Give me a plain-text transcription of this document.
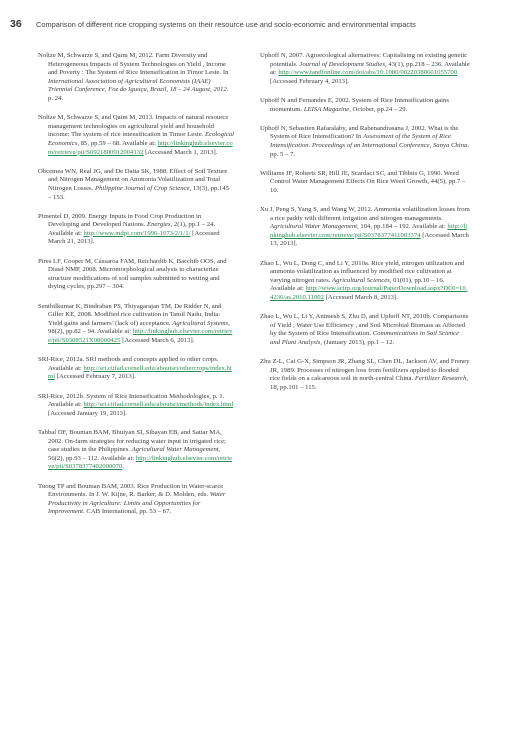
36	Comparison of different rice cropping systems on their resource use and socio-economic and environmental impacts

Noltze M, Schwarze S, and Qaim M, 2012. Farm Diversity and Heterogeneous Impacts of System Technologies on Yield , Income and Poverty : The System of Rice Intensification in Timor Leste. In International Association of Agricultural Economists (IAAE) Triennial Conference, Foz do Iguaçu, Brazil, 18 – 24 August, 2012. p. 24.

Noltze M, Schwarze S, and Qaim M, 2013. Impacts of natural resource management technologies on agricultural yield and household income: The system of rice intensification in Timor Leste. Ecological Economics, 85, pp.59 – 68. Available at: http://linkinghub.elsevier.com/retrieve/pii/S0921800912004132 [Accessed March 1, 2013].

Obcemea WN, Real JG, and De Datta SK, 1988. Effect of Soil Texture and Nitrogen Management on Ammonia Volatilization and Total Nitrogen Losses. Philippine Journal of Crop Science, 13(3), pp.145 – 153.

Pimentel D, 2009. Energy Inputs in Food Crop Production in Developing and Developed Nations. Energies, 2(1), pp.1 – 24. Available at: http://www.mdpi.com/1996-1073/2/1/1/ [Accessed March 21, 2013].

Pires LF, Cooper M, Cássaroa FAM, Reichardtb K, Bacchib OOS, and Diasd NMP, 2008. Micromorphological analysis to characterize structure modifications of soil samples submitted to wetting and drying cycles, pp.297 – 304.

Senthilkumar K, Bindraban PS, Thiyagarajan TM, De Ridder N, and Giller KE, 2008. Modified rice cultivation in Tamil Nadu, India: Yield gains and farmers’ (lack of) acceptance. Agricultural Systems, 98(2), pp.82 – 94. Available at: http://linkinghub.elsevier.com/retrieve/pii/S0308521X08000425 [Accessed March 6, 2013].

SRI-Rice, 2012a. SRI methods and concepts applied to other crops. Available at: http://sri.ciifad.cornell.edu/aboutsri/othercrops/index.html [Accessed February 7, 2013].

SRI-Rice, 2012b. System of Rice Intensification Methodologies, p. 1. Available at: http://sri.ciifad.cornell.edu/aboutsri/methods/index.html [Accessed January 19, 2013].

Tabbal DF, Bouman BAM, Bhuiyan SI, Sibayan EB, and Sattar MA, 2002. On-farm strategies for reducing water input in irrigated rice; case studies in the Philippines. Agricultural Water Management, 56(2), pp.93 – 112. Available at: http://linkinghub.elsevier.com/retrieve/pii/S0378377402000070.

Tuong TP and Bouman BAM, 2003. Rice Production in Water-scarce Environments. In J. W. Kijne, R. Barker, & D. Molden, eds. Water Productivity in Agriculture: Limits and Opportunities for Improvement. CAB International, pp. 53 – 67.

Uphoff N, 2007. Agroecological alternatives: Capitalising on existing genetic potentials. Journal of Development Studies, 43(1), pp.218 – 236. Available at: http://www.tandfonline.com/doi/abs/10.1080/00220380601055700 [Accessed February 4, 2013].

Uphoff N and Fernandes E, 2002. System of Rice Intensification gains momentum. LEISA Magazine, October, pp.24 – 29.

Uphoff N, Sebastien Rafaralaby, and Rabenandrasana J, 2002. What is the System of Rice Intensification? In Assessment of the System of Rice Intensification. Proceedings of an International Conference, Sanya China. pp. 5 – 7.

Williams JF, Roberts SR, Hill JE, Scardaci SC, and Tibbits G, 1990. Weed Control Water Management Effects On Rice Weed Growth, 44(5), pp.7 – 10.

Xu J, Peng S, Yang S, and Wang W, 2012. Ammonia volatilization losses from a rice paddy with different irrigation and nitrogen managements. Agricultural Water Management, 104, pp.184 – 192. Available at: http://linkinghub.elsevier.com/retrieve/pii/S0378377411003374 [Accessed March 13, 2013].

Zhao L, Wu L, Dong C, and Li Y, 2010a. Rice yield, nitrogen utilization and ammonia volatilization as influenced by modified rice cultivation at varying nitrogen rates. Agricultural Sciences, 01(01), pp.10 – 16. Available at: http://www.scirp.org/journal/PaperDownload.aspx?DOI=10.4236/as.2010.11002 [Accessed March 8, 2013].

Zhao L, Wu L, Li Y, Animesh S, Zhu D, and Uphoff NT, 2010b. Comparisons of Yield , Water Use Efficiency , and Soil Microbial Biomass as Affected by the System of Rice Intensification. Communications in Soil Science and Plant Analysis, (January 2013), pp.1 – 12.

Zhu Z-L, Cai G-X, Simpson JR, Zhang SL, Chen DL, Jackson AV, and Freney JR, 1989. Processes of nitrogen loss from fertilizers applied to flooded rice fields on a calcareous soil in north-central China. Fertilizer Research, 18, pp.101 – 115.
